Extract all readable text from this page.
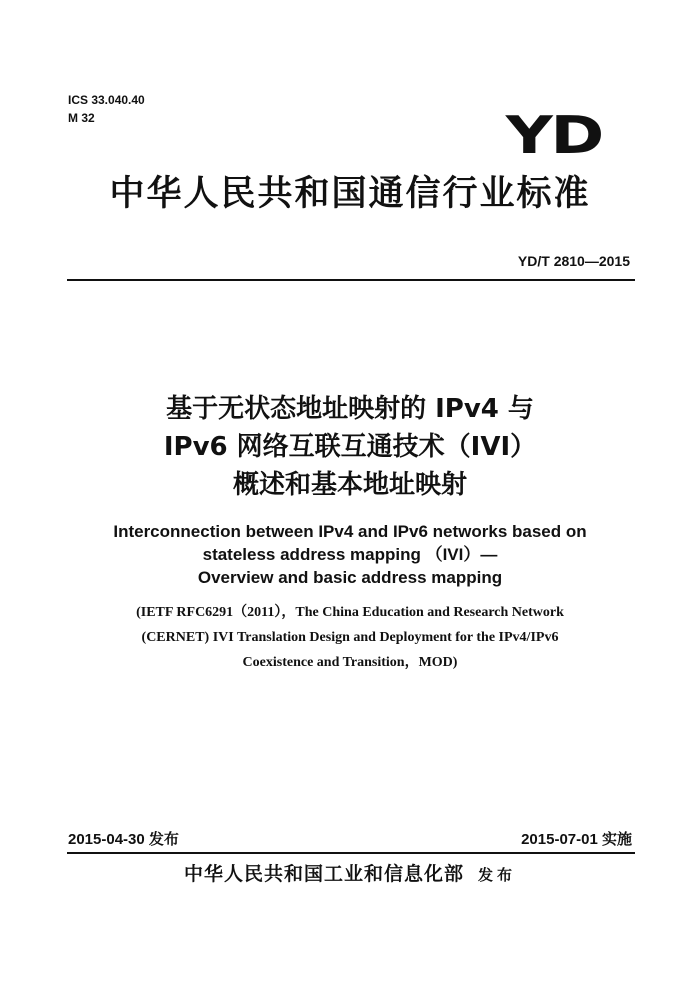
ICS 33.040.40
M 32	YD
中华人民共和国通信行业标准
YD/T 2810—2015
基于无状态地址映射的 IPv4 与
IPv6 网络互联互通技术（IVI）
概述和基本地址映射
Interconnection between IPv4 and IPv6 networks based on
stateless address mapping （IVI）—
Overview and basic address mapping
(IETF RFC6291（2011），The China Education and Research Network
(CERNET) IVI Translation Design and Deployment for the IPv4/IPv6
Coexistence and Transition，MOD)
2015-04-30 发布	2015-07-01 实施
中华人民共和国工业和信息化部 发布
